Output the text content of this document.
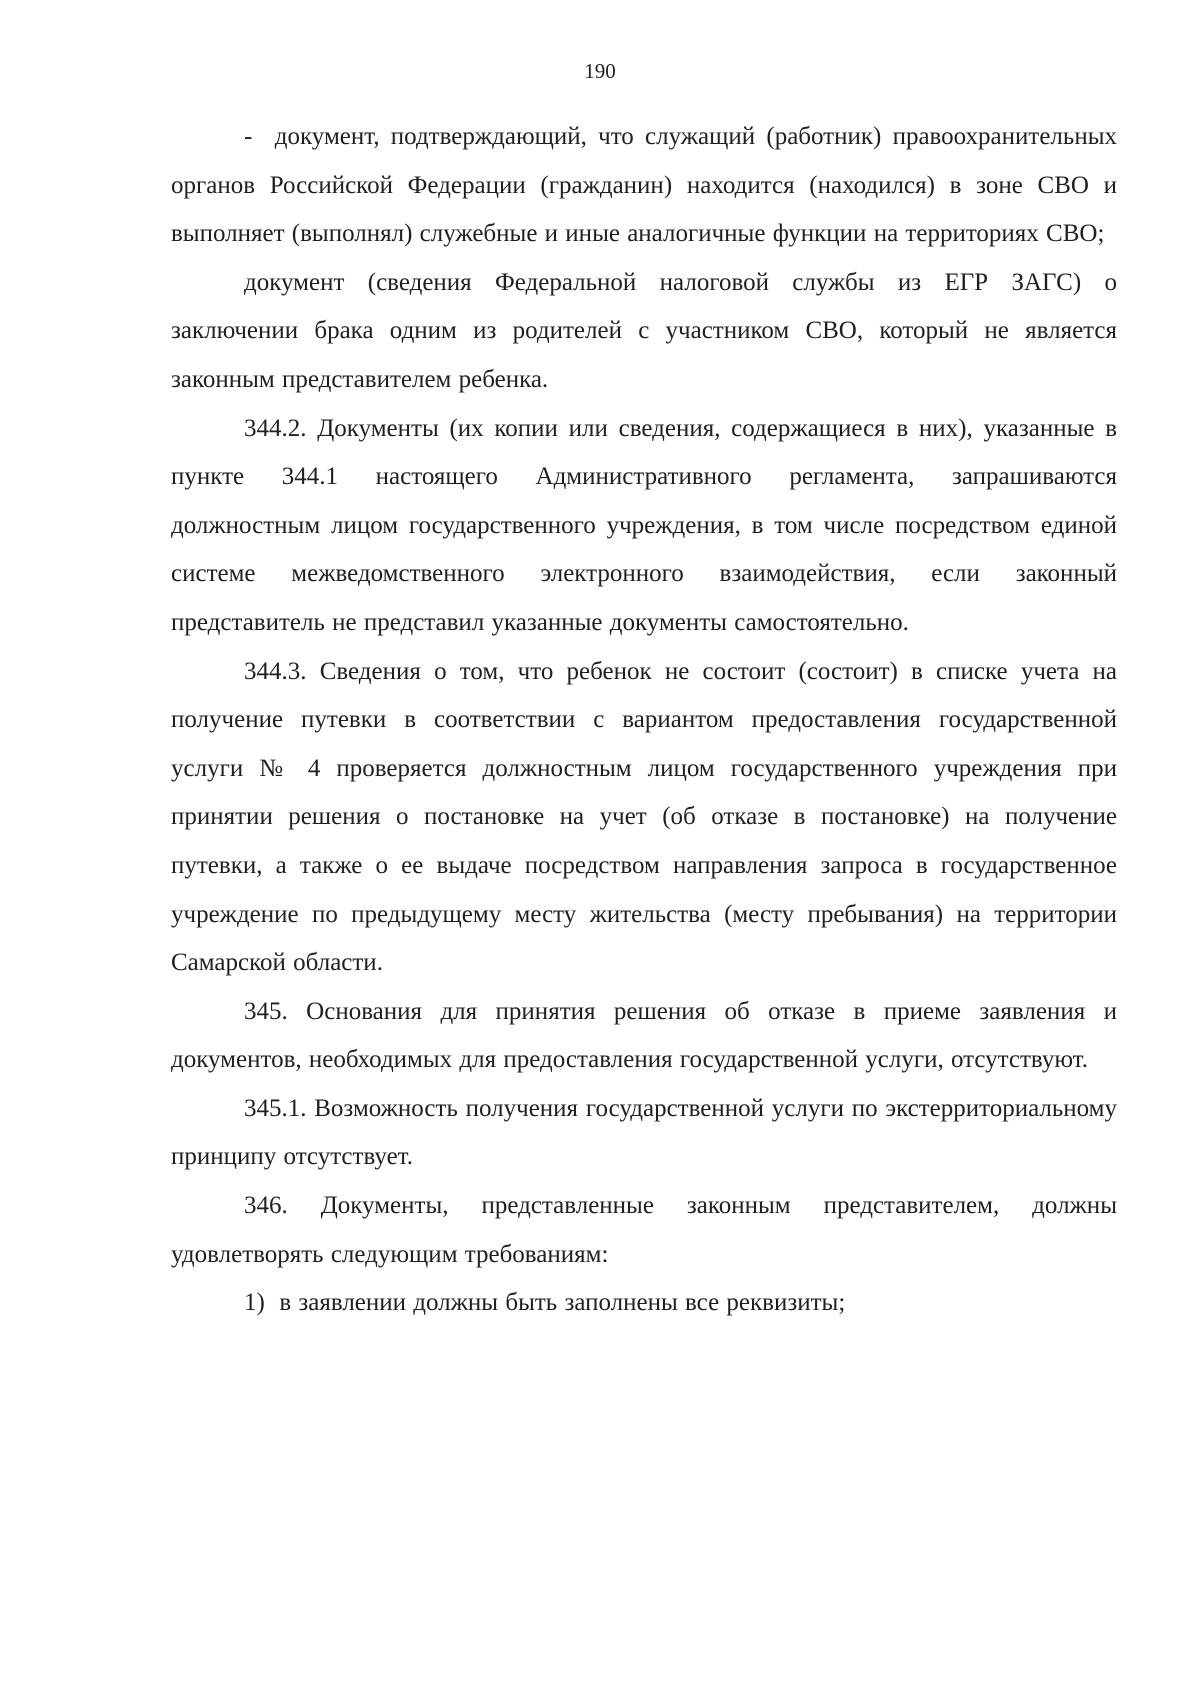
190

-  документ, подтверждающий, что служащий (работник) правоохранительных органов Российской Федерации (гражданин) находится (находился) в зоне СВО и выполняет (выполнял) служебные и иные аналогичные функции на территориях СВО;

документ (сведения Федеральной налоговой службы из ЕГР ЗАГС) о заключении брака одним из родителей с участником СВО, который не является законным представителем ребенка.

344.2. Документы (их копии или сведения, содержащиеся в них), указанные в пункте 344.1 настоящего Административного регламента, запрашиваются должностным лицом государственного учреждения, в том числе посредством единой системе межведомственного электронного взаимодействия, если законный представитель не представил указанные документы самостоятельно.

344.3. Сведения о том, что ребенок не состоит (состоит) в списке учета на получение путевки в соответствии с вариантом предоставления государственной услуги № 4 проверяется должностным лицом государственного учреждения при принятии решения о постановке на учет (об отказе в постановке) на получение путевки, а также о ее выдаче посредством направления запроса в государственное учреждение по предыдущему месту жительства (месту пребывания) на территории Самарской области.

345. Основания для принятия решения об отказе в приеме заявления и документов, необходимых для предоставления государственной услуги, отсутствуют.

345.1. Возможность получения государственной услуги по экстерриториальному принципу отсутствует.

346. Документы, представленные законным представителем, должны удовлетворять следующим требованиям:

1)  в заявлении должны быть заполнены все реквизиты;
